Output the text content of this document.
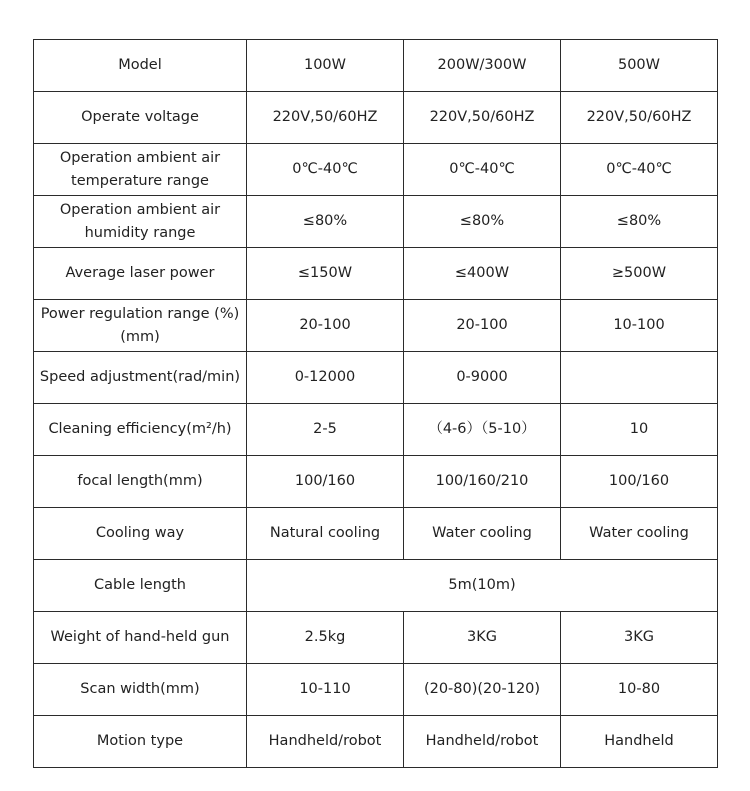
Model	100W	200W/300W	500W
Operate voltage	220V,50/60HZ	220V,50/60HZ	220V,50/60HZ
Operation ambient air temperature range	0℃-40℃	0℃-40℃	0℃-40℃
Operation ambient air humidity range	≤80%	≤80%	≤80%
Average laser power	≤150W	≤400W	≥500W
Power regulation range (%)(mm)	20-100	20-100	10-100
Speed adjustment(rad/min)	0-12000	0-9000	
Cleaning efficiency(m²/h)	2-5	（4-6）（5-10）	10
focal length(mm)	100/160	100/160/210	100/160
Cooling way	Natural cooling	Water cooling	Water cooling
Cable length	5m(10m)		
Weight of hand-held gun	2.5kg	3KG	3KG
Scan width(mm)	10-110	(20-80)(20-120)	10-80
Motion type	Handheld/robot	Handheld/robot	Handheld
